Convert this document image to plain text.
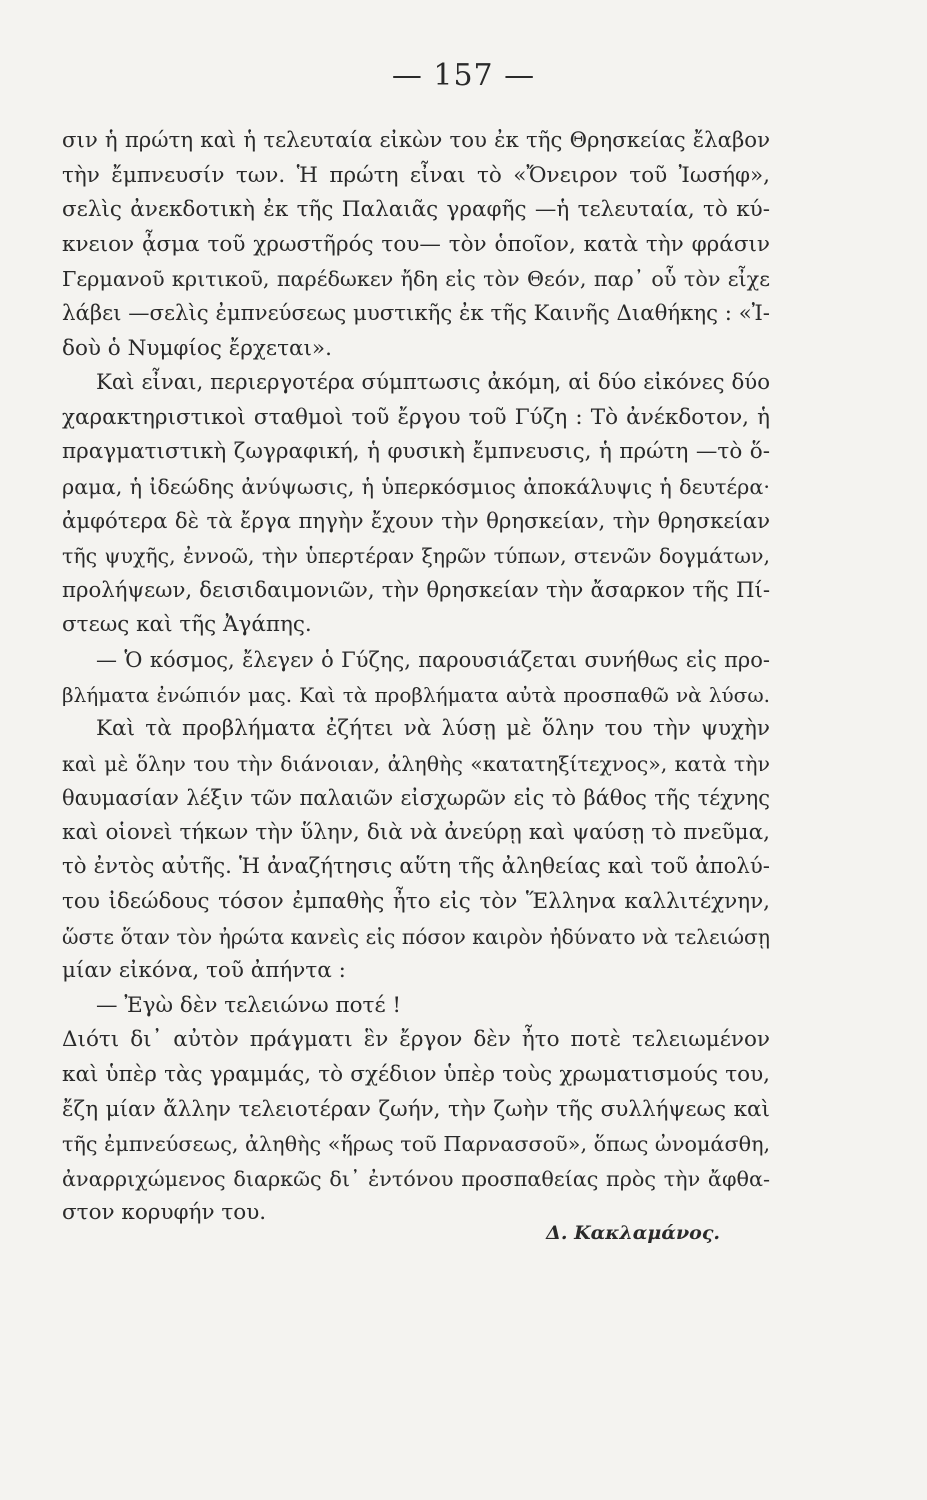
— 157 —
σιν ἡ πρώτη καὶ ἡ τελευταία εἰκὼν του ἐκ τῆς Θρησκείας ἔλαβον
τὴν ἔμπνευσίν των. Ἡ πρώτη εἶναι τὸ «Ὄνειρον τοῦ Ἰωσήφ»,
σελὶς ἀνεκδοτικὴ ἐκ τῆς Παλαιᾶς γραφῆς —ἡ τελευταία, τὸ κύ-
κνειον ᾆσμα τοῦ χρωστῆρός του— τὸν ὁποῖον, κατὰ τὴν φράσιν
Γερμανοῦ κριτικοῦ, παρέδωκεν ἤδη εἰς τὸν Θεόν, παρ᾽ οὗ τὸν εἶχε
λάβει —σελὶς ἐμπνεύσεως μυστικῆς ἐκ τῆς Καινῆς Διαθήκης : «Ἰ-
δοὺ ὁ Νυμφίος ἔρχεται».
Καὶ εἶναι, περιεργοτέρα σύμπτωσις ἀκόμη, αἱ δύο εἰκόνες δύο
χαρακτηριστικοὶ σταθμοὶ τοῦ ἔργου τοῦ Γύζη : Τὸ ἀνέκδοτον, ἡ
πραγματιστικὴ ζωγραφική, ἡ φυσικὴ ἔμπνευσις, ἡ πρώτη —τὸ ὅ-
ραμα, ἡ ἰδεώδης ἀνύψωσις, ἡ ὑπερκόσμιος ἀποκάλυψις ἡ δευτέρα·
ἀμφότερα δὲ τὰ ἔργα πηγὴν ἔχουν τὴν θρησκείαν, τὴν θρησκείαν
τῆς ψυχῆς, ἐννοῶ, τὴν ὑπερτέραν ξηρῶν τύπων, στενῶν δογμάτων,
προλήψεων, δεισιδαιμονιῶν, τὴν θρησκείαν τὴν ἄσαρκον τῆς Πί-
στεως καὶ τῆς Ἀγάπης.
— Ὁ κόσμος, ἔλεγεν ὁ Γύζης, παρουσιάζεται συνήθως εἰς προ-
βλήματα ἐνώπιόν μας. Καὶ τὰ προβλήματα αὐτὰ προσπαθῶ νὰ λύσω.
Καὶ τὰ προβλήματα ἐζήτει νὰ λύσῃ μὲ ὅλην του τὴν ψυχὴν
καὶ μὲ ὅλην του τὴν διάνοιαν, ἀληθὴς «κατατηξίτεχνος», κατὰ τὴν
θαυμασίαν λέξιν τῶν παλαιῶν εἰσχωρῶν εἰς τὸ βάθος τῆς τέχνης
καὶ οἱονεὶ τήκων τὴν ὕλην, διὰ νὰ ἀνεύρῃ καὶ ψαύσῃ τὸ πνεῦμα,
τὸ ἐντὸς αὐτῆς. Ἡ ἀναζήτησις αὕτη τῆς ἀληθείας καὶ τοῦ ἀπολύ-
του ἰδεώδους τόσον ἐμπαθὴς ἦτο εἰς τὸν Ἕλληνα καλλιτέχνην,
ὥστε ὅταν τὸν ἠρώτα κανεὶς εἰς πόσον καιρὸν ἠδύνατο νὰ τελειώσῃ
μίαν εἰκόνα, τοῦ ἀπήντα :
— Ἐγὼ δὲν τελειώνω ποτέ !
Διότι δι᾽ αὐτὸν πράγματι ἓν ἔργον δὲν ἦτο ποτὲ τελειωμένον
καὶ ὑπὲρ τὰς γραμμάς, τὸ σχέδιον ὑπὲρ τοὺς χρωματισμούς του,
ἔζη μίαν ἄλλην τελειοτέραν ζωήν, τὴν ζωὴν τῆς συλλήψεως καὶ
τῆς ἐμπνεύσεως, ἀληθὴς «ἥρως τοῦ Παρνασσοῦ», ὅπως ὠνομάσθη,
ἀναρριχώμενος διαρκῶς δι᾽ ἐντόνου προσπαθείας πρὸς τὴν ἄφθα-
στον κορυφήν του.
Δ. Κακλαμάνος.
